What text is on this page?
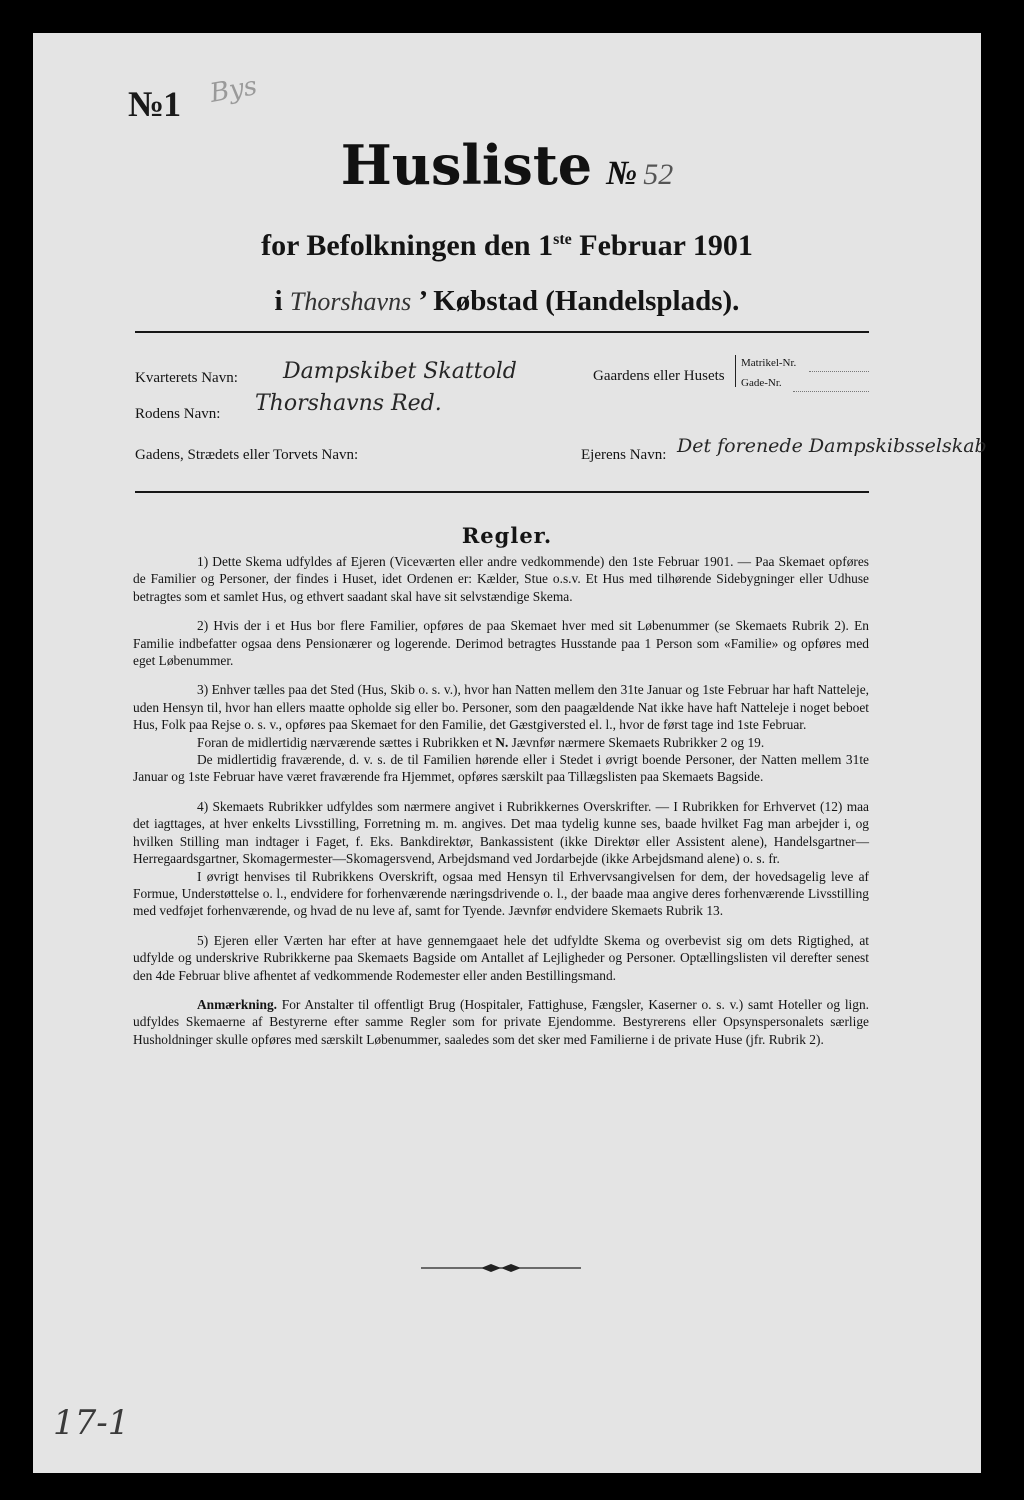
№1 Bys
Husliste № 52
for Befolkningen den 1ste Februar 1901
i Thorshavns ’ Købstad (Handelsplads).
Kvarterets Navn: Dampskibet Skattold	Gaardens eller Husets
Matrikel-Nr.
Gade-Nr.
Rodens Navn: Thorshavns Red.
Gadens, Strædets eller Torvets Navn:	Ejerens Navn: Det forenede Dampskibsselskab
Regler.

1) Dette Skema udfyldes af Ejeren (Viceværten eller andre vedkommende) den 1ste Februar 1901. — Paa Skemaet opføres de Familier og Personer, der findes i Huset, idet Ordenen er: Kælder, Stue o.s.v. Et Hus med tilhørende Sidebygninger eller Udhuse betragtes som et samlet Hus, og ethvert saadant skal have sit selvstændige Skema.

2) Hvis der i et Hus bor flere Familier, opføres de paa Skemaet hver med sit Løbenummer (se Skemaets Rubrik 2). En Familie indbefatter ogsaa dens Pensionærer og logerende. Derimod betragtes Husstande paa 1 Person som «Familie» og opføres med eget Løbenummer.

3) Enhver tælles paa det Sted (Hus, Skib o. s. v.), hvor han Natten mellem den 31te Januar og 1ste Februar har haft Natteleje, uden Hensyn til, hvor han ellers maatte opholde sig eller bo. Personer, som den paagældende Nat ikke have haft Natteleje i noget beboet Hus, Folk paa Rejse o. s. v., opføres paa Skemaet for den Familie, det Gæstgiversted el. l., hvor de først tage ind 1ste Februar.

Foran de midlertidig nærværende sættes i Rubrikken et N. Jævnfør nærmere Skemaets Rubrikker 2 og 19.

De midlertidig fraværende, d. v. s. de til Familien hørende eller i Stedet i øvrigt boende Personer, der Natten mellem 31te Januar og 1ste Februar have været fraværende fra Hjemmet, opføres særskilt paa Tillægslisten paa Skemaets Bagside.

4) Skemaets Rubrikker udfyldes som nærmere angivet i Rubrikkernes Overskrifter. — I Rubrikken for Erhvervet (12) maa det iagttages, at hver enkelts Livsstilling, Forretning m. m. angives. Det maa tydelig kunne ses, baade hvilket Fag man arbejder i, og hvilken Stilling man indtager i Faget, f. Eks. Bankdirektør, Bankassistent (ikke Direktør eller Assistent alene), Handelsgartner—Herregaardsgartner, Skomagermester—Skomagersvend, Arbejdsmand ved Jordarbejde (ikke Arbejdsmand alene) o. s. fr.

I øvrigt henvises til Rubrikkens Overskrift, ogsaa med Hensyn til Erhvervsangivelsen for dem, der hovedsagelig leve af Formue, Understøttelse o. l., endvidere for forhenværende næringsdrivende o. l., der baade maa angive deres forhenværende Livsstilling med vedføjet forhenværende, og hvad de nu leve af, samt for Tyende. Jævnfør endvidere Skemaets Rubrik 13.

5) Ejeren eller Værten har efter at have gennemgaaet hele det udfyldte Skema og overbevist sig om dets Rigtighed, at udfylde og underskrive Rubrikkerne paa Skemaets Bagside om Antallet af Lejligheder og Personer. Optællingslisten vil derefter senest den 4de Februar blive afhentet af vedkommende Rodemester eller anden Bestillingsmand.

Anmærkning. For Anstalter til offentligt Brug (Hospitaler, Fattighuse, Fængsler, Kaserner o. s. v.) samt Hoteller og lign. udfyldes Skemaerne af Bestyrerne efter samme Regler som for private Ejendomme. Bestyrerens eller Opsynspersonalets særlige Husholdninger skulle opføres med særskilt Løbenummer, saaledes som det sker med Familierne i de private Huse (jfr. Rubrik 2).

17-1
